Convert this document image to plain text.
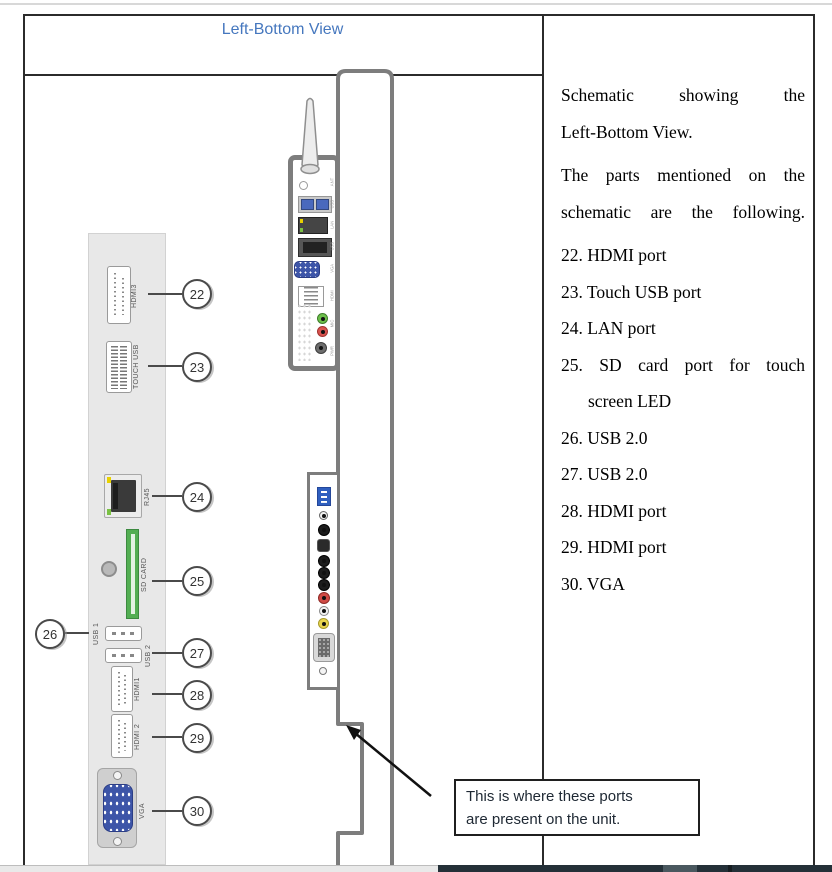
Left-Bottom View
HDMI3	22
TOUCH USB	23
RJ45	24
SD CARD	25
USB 1
26
USB 2	27
HDMI1	28
HDMI 2	29
VGA	30
ANT
USB
LAN
USB
VGA
HDMI
MIC
PWR
This is where these ports
are present on the unit.
Schematic showing the
Left-Bottom View.
The parts mentioned on the
schematic are the following.
22. HDMI port
23. Touch USB port
24. LAN port
25. SD card port for touch
screen LED
26. USB 2.0
27. USB 2.0
28. HDMI port
29. HDMI port
30. VGA
